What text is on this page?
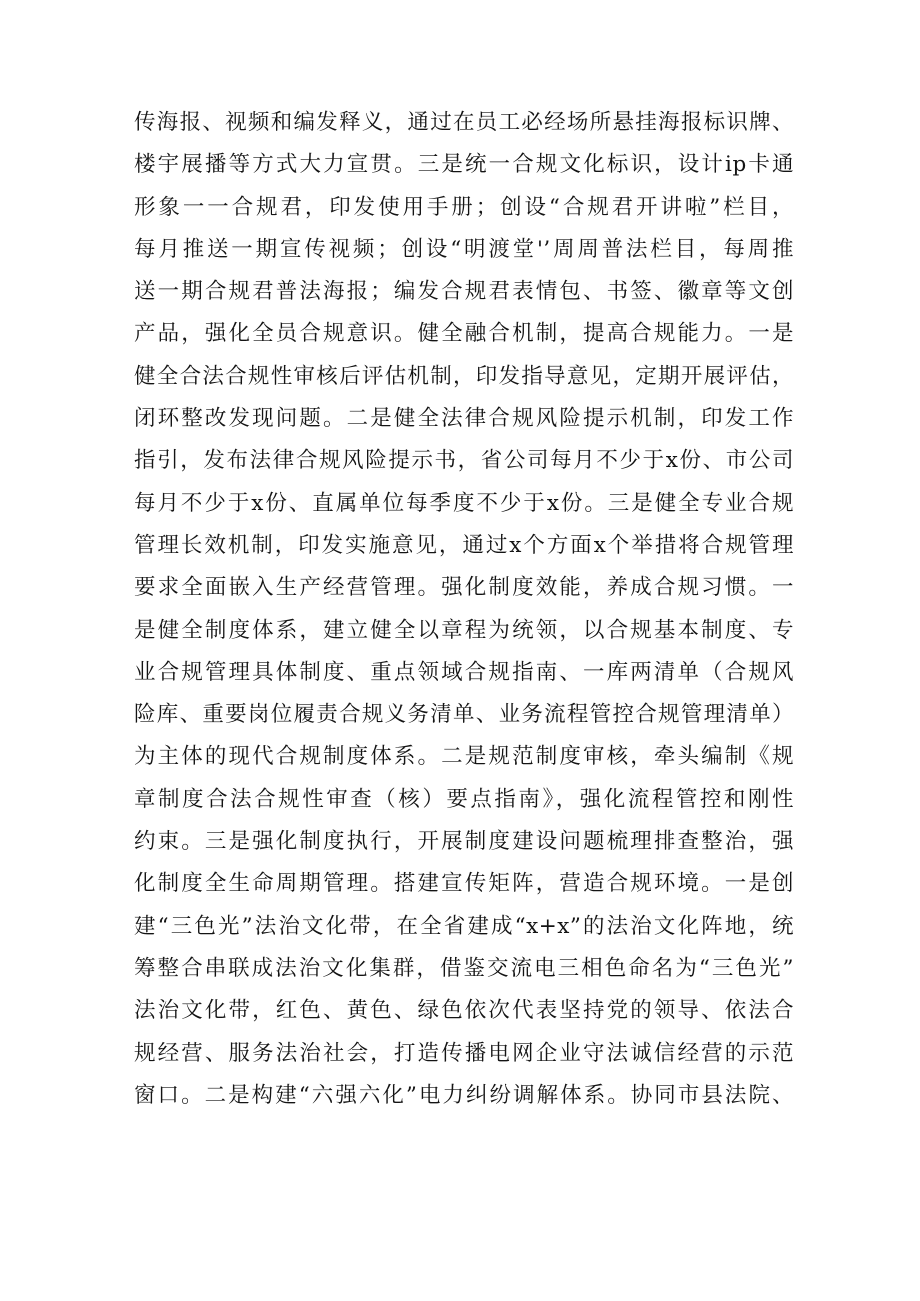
传海报、视频和编发释义，通过在员工必经场所悬挂海报标识牌、
楼宇展播等方式大力宣贯。三是统一合规文化标识，设计ip卡通
形象一一合规君，印发使用手册；创设“合规君开讲啦”栏目，
每月推送一期宣传视频；创设“明渡堂'’周周普法栏目，每周推
送一期合规君普法海报；编发合规君表情包、书签、徽章等文创
产品，强化全员合规意识。健全融合机制，提高合规能力。一是
健全合法合规性审核后评估机制，印发指导意见，定期开展评估，
闭环整改发现问题。二是健全法律合规风险提示机制，印发工作
指引，发布法律合规风险提示书，省公司每月不少于x份、市公司
每月不少于x份、直属单位每季度不少于x份。三是健全专业合规
管理长效机制，印发实施意见，通过x个方面x个举措将合规管理
要求全面嵌入生产经营管理。强化制度效能，养成合规习惯。一
是健全制度体系，建立健全以章程为统领，以合规基本制度、专
业合规管理具体制度、重点领域合规指南、一库两清单（合规风
险库、重要岗位履责合规义务清单、业务流程管控合规管理清单）
为主体的现代合规制度体系。二是规范制度审核，牵头编制《规
章制度合法合规性审查（核）要点指南》，强化流程管控和刚性
约束。三是强化制度执行，开展制度建设问题梳理排查整治，强
化制度全生命周期管理。搭建宣传矩阵，营造合规环境。一是创
建“三色光”法治文化带，在全省建成“x+x”的法治文化阵地，统
筹整合串联成法治文化集群，借鉴交流电三相色命名为“三色光”
法治文化带，红色、黄色、绿色依次代表坚持党的领导、依法合
规经营、服务法治社会，打造传播电网企业守法诚信经营的示范
窗口。二是构建“六强六化”电力纠纷调解体系。协同市县法院、
